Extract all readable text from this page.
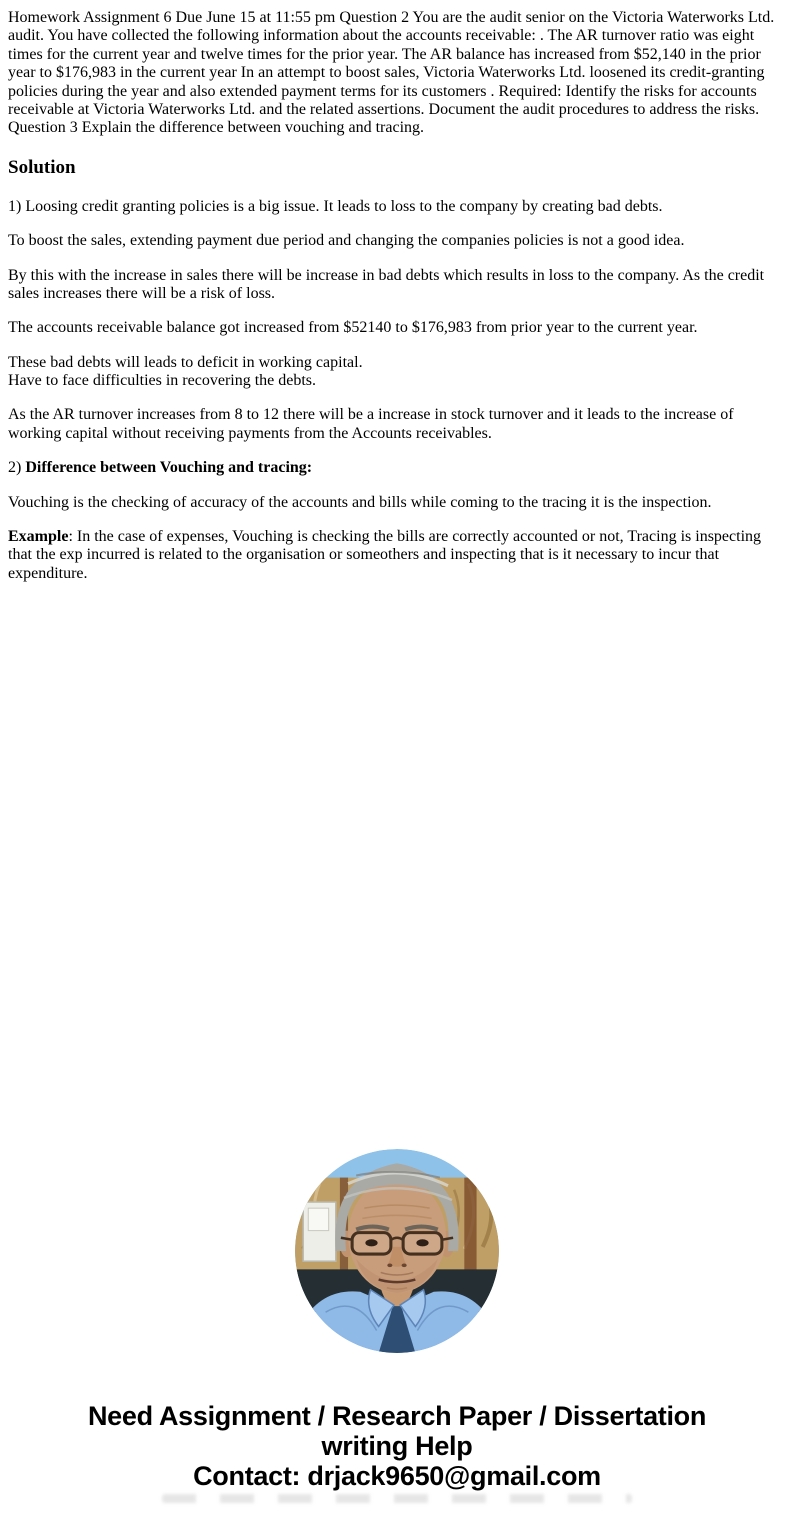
Homework Assignment 6 Due June 15 at 11:55 pm Question 2 You are the audit senior on the Victoria Waterworks Ltd. audit. You have collected the following information about the accounts receivable: . The AR turnover ratio was eight times for the current year and twelve times for the prior year. The AR balance has increased from $52,140 in the prior year to $176,983 in the current year In an attempt to boost sales, Victoria Waterworks Ltd. loosened its credit-granting policies during the year and also extended payment terms for its customers . Required: Identify the risks for accounts receivable at Victoria Waterworks Ltd. and the related assertions. Document the audit procedures to address the risks. Question 3 Explain the difference between vouching and tracing.

Solution

1) Loosing credit granting policies is a big issue. It leads to loss to the company by creating bad debts.

To boost the sales, extending payment due period and changing the companies policies is not a good idea.

By this with the increase in sales there will be increase in bad debts which results in loss to the company. As the credit sales increases there will be a risk of loss.

The accounts receivable balance got increased from $52140 to $176,983 from prior year to the current year.

These bad debts will leads to deficit in working capital.
Have to face difficulties in recovering the debts.

As the AR turnover increases from 8 to 12 there will be a increase in stock turnover and it leads to the increase of working capital without receiving payments from the Accounts receivables.

2) Difference between Vouching and tracing:

Vouching is the checking of accuracy of the accounts and bills while coming to the tracing it is the inspection.

Example: In the case of expenses, Vouching is checking the bills are correctly accounted or not, Tracing is inspecting that the exp incurred is related to the organisation or someothers and inspecting that is it necessary to incur that expenditure.

Need Assignment / Research Paper / Dissertation
writing Help
Contact: drjack9650@gmail.com
